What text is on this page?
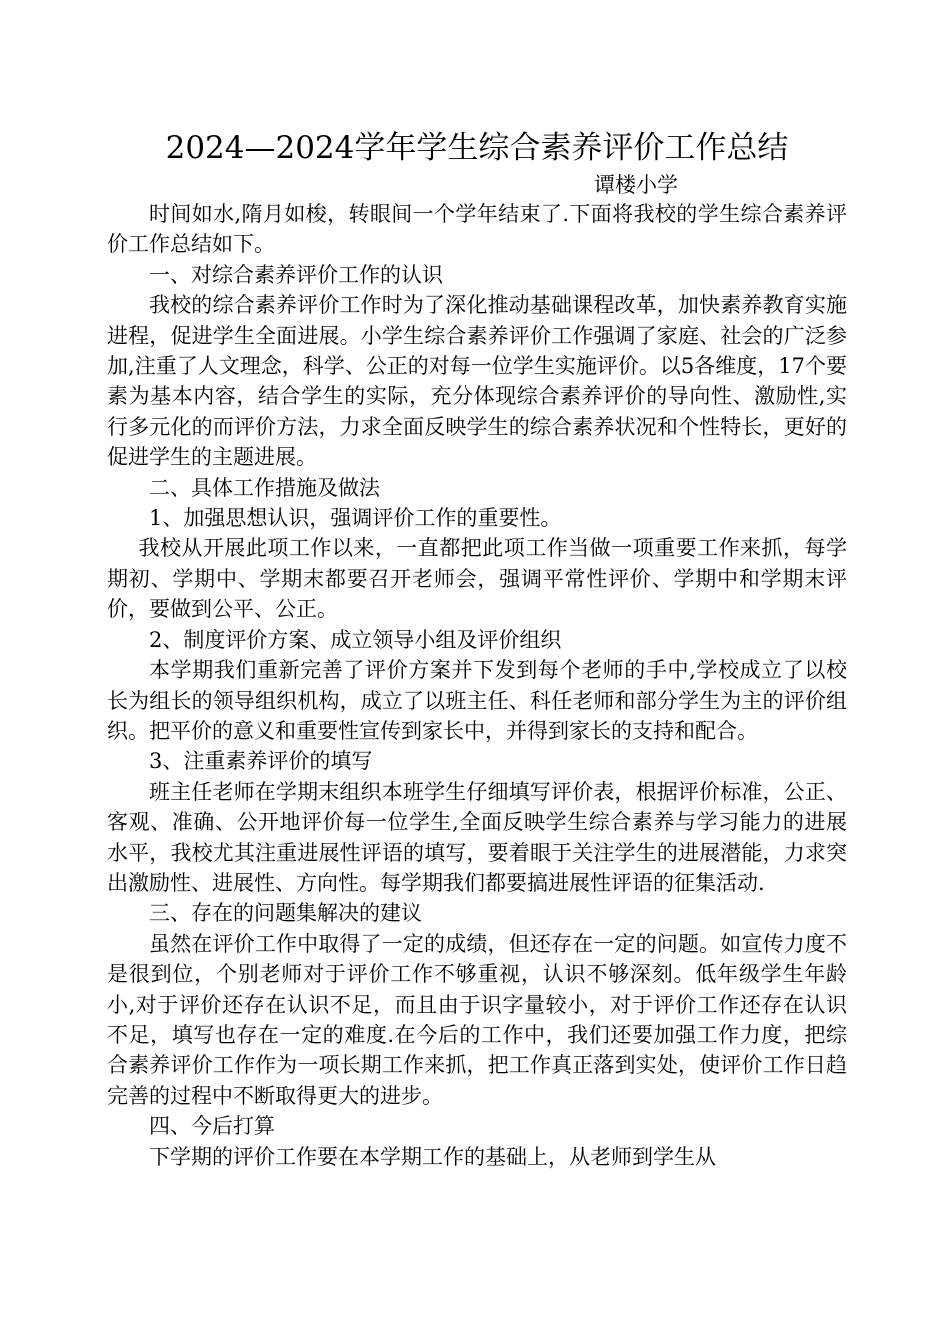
2024—2024学年学生综合素养评价工作总结
谭楼小学

时间如水,隋月如梭，转眼间一个学年结束了.下面将我校的学生综合素养评价工作总结如下。

一、对综合素养评价工作的认识

我校的综合素养评价工作时为了深化推动基础课程改革，加快素养教育实施进程，促进学生全面进展。小学生综合素养评价工作强调了家庭、社会的广泛参加,注重了人文理念，科学、公正的对每一位学生实施评价。以5各维度，17个要素为基本内容，结合学生的实际，充分体现综合素养评价的导向性、激励性,实行多元化的而评价方法，力求全面反映学生的综合素养状况和个性特长，更好的促进学生的主题进展。

二、具体工作措施及做法

1、加强思想认识，强调评价工作的重要性。

我校从开展此项工作以来，一直都把此项工作当做一项重要工作来抓，每学期初、学期中、学期末都要召开老师会，强调平常性评价、学期中和学期末评价，要做到公平、公正。

2、制度评价方案、成立领导小组及评价组织

本学期我们重新完善了评价方案并下发到每个老师的手中,学校成立了以校长为组长的领导组织机构，成立了以班主任、科任老师和部分学生为主的评价组织。把平价的意义和重要性宣传到家长中，并得到家长的支持和配合。

3、注重素养评价的填写

班主任老师在学期末组织本班学生仔细填写评价表，根据评价标准，公正、客观、准确、公开地评价每一位学生,全面反映学生综合素养与学习能力的进展水平，我校尤其注重进展性评语的填写，要着眼于关注学生的进展潜能，力求突出激励性、进展性、方向性。每学期我们都要搞进展性评语的征集活动.

三、存在的问题集解决的建议

虽然在评价工作中取得了一定的成绩，但还存在一定的问题。如宣传力度不是很到位，个别老师对于评价工作不够重视，认识不够深刻。低年级学生年龄小,对于评价还存在认识不足，而且由于识字量较小，对于评价工作还存在认识不足，填写也存在一定的难度.在今后的工作中，我们还要加强工作力度，把综合素养评价工作作为一项长期工作来抓，把工作真正落到实处，使评价工作日趋完善的过程中不断取得更大的进步。

四、今后打算

下学期的评价工作要在本学期工作的基础上，从老师到学生从
